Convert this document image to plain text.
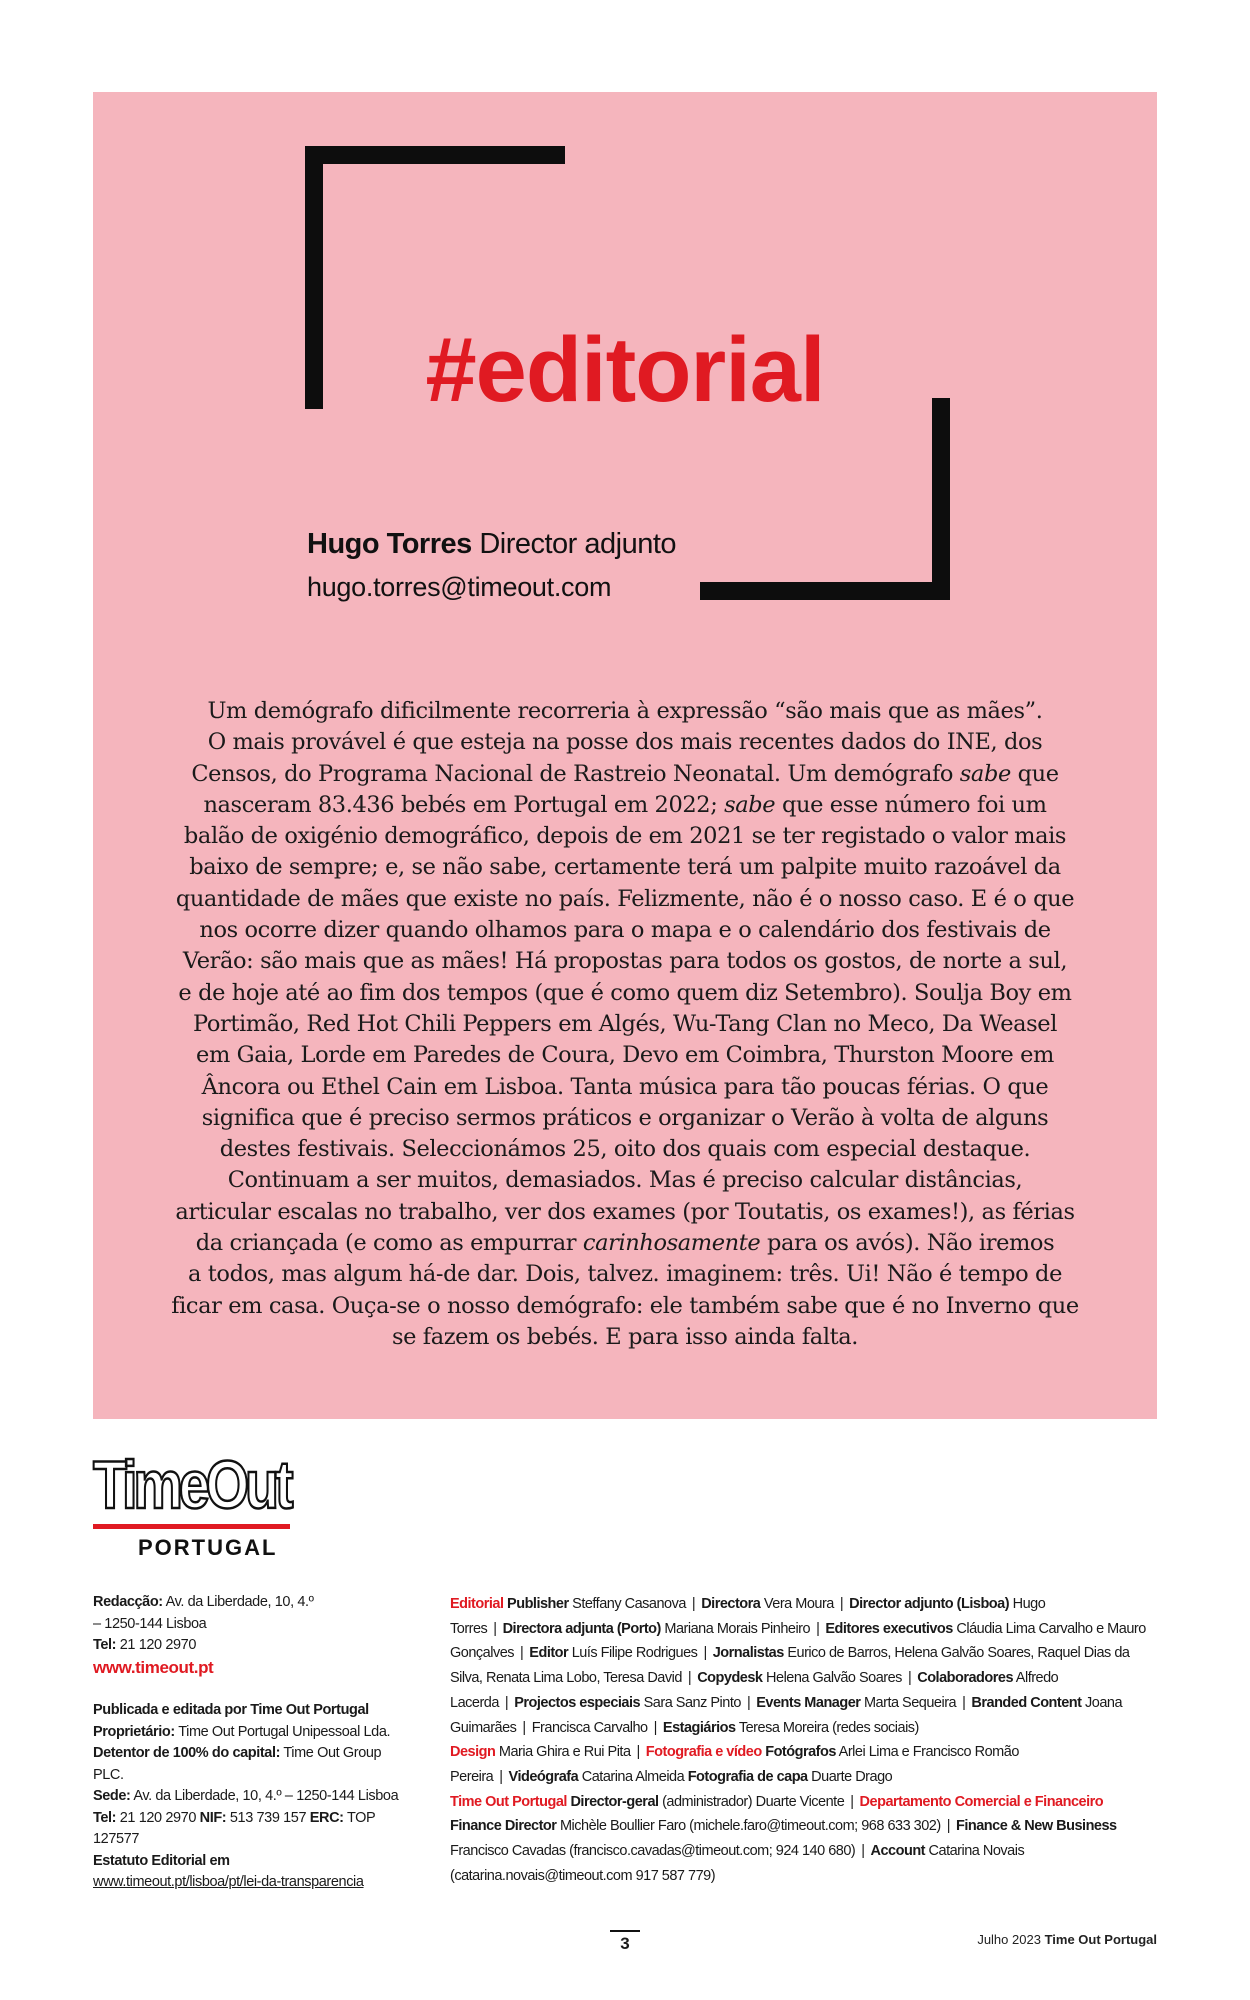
#editorial
Hugo Torres Director adjunto
hugo.torres@timeout.com
Um demógrafo dificilmente recorreria à expressão “são mais que as mães”.
O mais provável é que esteja na posse dos mais recentes dados do INE, dos
Censos, do Programa Nacional de Rastreio Neonatal. Um demógrafo sabe que
nasceram 83.436 bebés em Portugal em 2022; sabe que esse número foi um
balão de oxigénio demográfico, depois de em 2021 se ter registado o valor mais
baixo de sempre; e, se não sabe, certamente terá um palpite muito razoável da
quantidade de mães que existe no país. Felizmente, não é o nosso caso. E é o que
nos ocorre dizer quando olhamos para o mapa e o calendário dos festivais de
Verão: são mais que as mães! Há propostas para todos os gostos, de norte a sul,
e de hoje até ao fim dos tempos (que é como quem diz Setembro). Soulja Boy em
Portimão, Red Hot Chili Peppers em Algés, Wu-Tang Clan no Meco, Da Weasel
em Gaia, Lorde em Paredes de Coura, Devo em Coimbra, Thurston Moore em
Âncora ou Ethel Cain em Lisboa. Tanta música para tão poucas férias. O que
significa que é preciso sermos práticos e organizar o Verão à volta de alguns
destes festivais. Seleccionámos 25, oito dos quais com especial destaque.
Continuam a ser muitos, demasiados. Mas é preciso calcular distâncias,
articular escalas no trabalho, ver dos exames (por Toutatis, os exames!), as férias
da criançada (e como as empurrar carinhosamente para os avós). Não iremos
a todos, mas algum há-de dar. Dois, talvez. imaginem: três. Ui! Não é tempo de
ficar em casa. Ouça-se o nosso demógrafo: ele também sabe que é no Inverno que
se fazem os bebés. E para isso ainda falta.
TimeOut
PORTUGAL
Redacção: Av. da Liberdade, 10, 4.º
– 1250-144 Lisboa
Tel: 21 120 2970
www.timeout.pt
Publicada e editada por Time Out Portugal
Proprietário: Time Out Portugal Unipessoal Lda.
Detentor de 100% do capital: Time Out Group PLC.
Sede: Av. da Liberdade, 10, 4.º – 1250-144 Lisboa
Tel: 21 120 2970 NIF: 513 739 157 ERC: TOP 127577
Estatuto Editorial em
www.timeout.pt/lisboa/pt/lei-da-transparencia
Editorial Publisher Steffany Casanova | Directora Vera Moura | Director adjunto (Lisboa) Hugo Torres | Directora adjunta (Porto) Mariana Morais Pinheiro | Editores executivos Cláudia Lima Carvalho e Mauro Gonçalves | Editor Luís Filipe Rodrigues | Jornalistas Eurico de Barros, Helena Galvão Soares, Raquel Dias da Silva, Renata Lima Lobo, Teresa David | Copydesk Helena Galvão Soares | Colaboradores Alfredo Lacerda | Projectos especiais Sara Sanz Pinto | Events Manager Marta Sequeira | Branded Content Joana Guimarães | Francisca Carvalho | Estagiários Teresa Moreira (redes sociais)
Design Maria Ghira e Rui Pita | Fotografia e vídeo Fotógrafos Arlei Lima e Francisco Romão Pereira | Videógrafa Catarina Almeida Fotografia de capa Duarte Drago
Time Out Portugal Director-geral (administrador) Duarte Vicente | Departamento Comercial e Financeiro
Finance Director Michèle Boullier Faro (michele.faro@timeout.com; 968 633 302) | Finance & New Business Francisco Cavadas (francisco.cavadas@timeout.com; 924 140 680) | Account Catarina Novais (catarina.novais@timeout.com 917 587 779)
3	Julho 2023 Time Out Portugal
